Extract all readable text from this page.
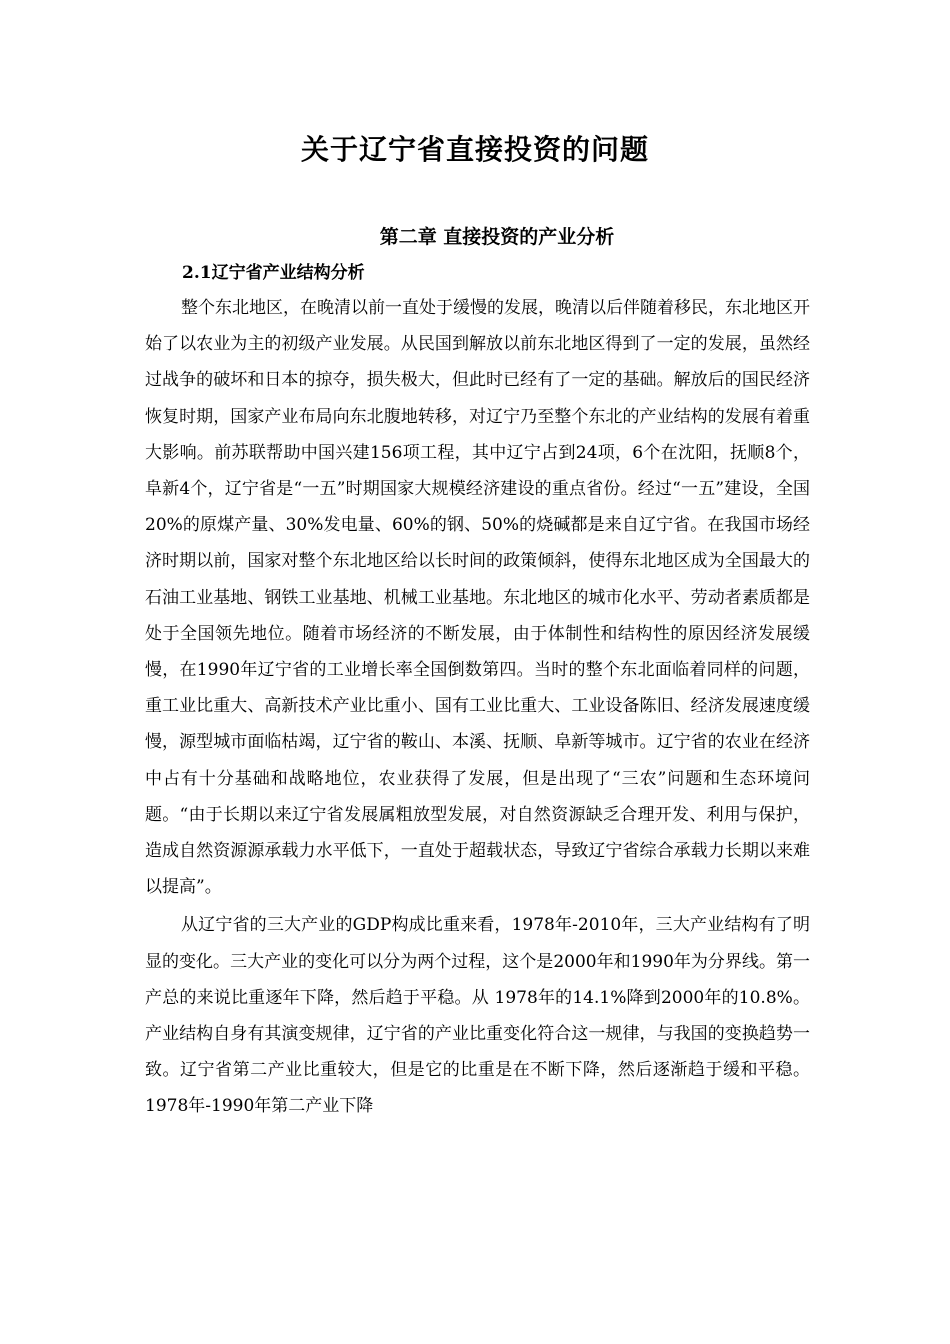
关于辽宁省直接投资的问题
第二章 直接投资的产业分析
2.1辽宁省产业结构分析

整个东北地区，在晚清以前一直处于缓慢的发展，晚清以后伴随着移民，东北地区开始了以农业为主的初级产业发展。从民国到解放以前东北地区得到了一定的发展，虽然经过战争的破坏和日本的掠夺，损失极大，但此时已经有了一定的基础。解放后的国民经济恢复时期，国家产业布局向东北腹地转移，对辽宁乃至整个东北的产业结构的发展有着重大影响。前苏联帮助中国兴建156项工程，其中辽宁占到24项，6个在沈阳，抚顺8个，阜新4个，辽宁省是“一五”时期国家大规模经济建设的重点省份。经过“一五”建设，全国 20%的原煤产量、30%发电量、60%的钢、50%的烧碱都是来自辽宁省。在我国市场经济时期以前，国家对整个东北地区给以长时间的政策倾斜，使得东北地区成为全国最大的石油工业基地、钢铁工业基地、机械工业基地。东北地区的城市化水平、劳动者素质都是处于全国领先地位。随着市场经济的不断发展，由于体制性和结构性的原因经济发展缓慢，在1990年辽宁省的工业增长率全国倒数第四。当时的整个东北面临着同样的问题，重工业比重大、高新技术产业比重小、国有工业比重大、工业设备陈旧、经济发展速度缓慢，源型城市面临枯竭，辽宁省的鞍山、本溪、抚顺、阜新等城市。辽宁省的农业在经济中占有十分基础和战略地位，农业获得了发展，但是出现了“三农”问题和生态环境问题。“由于长期以来辽宁省发展属粗放型发展，对自然资源缺乏合理开发、利用与保护，造成自然资源源承载力水平低下，一直处于超载状态，导致辽宁省综合承载力长期以来难以提高”。

从辽宁省的三大产业的GDP构成比重来看，1978年-2010年，三大产业结构有了明显的变化。三大产业的变化可以分为两个过程，这个是2000年和1990年为分界线。第一产总的来说比重逐年下降，然后趋于平稳。从 1978年的14.1%降到2000年的10.8%。产业结构自身有其演变规律，辽宁省的产业比重变化符合这一规律，与我国的变换趋势一致。辽宁省第二产业比重较大，但是它的比重是在不断下降，然后逐渐趋于缓和平稳。1978年-1990年第二产业下降
